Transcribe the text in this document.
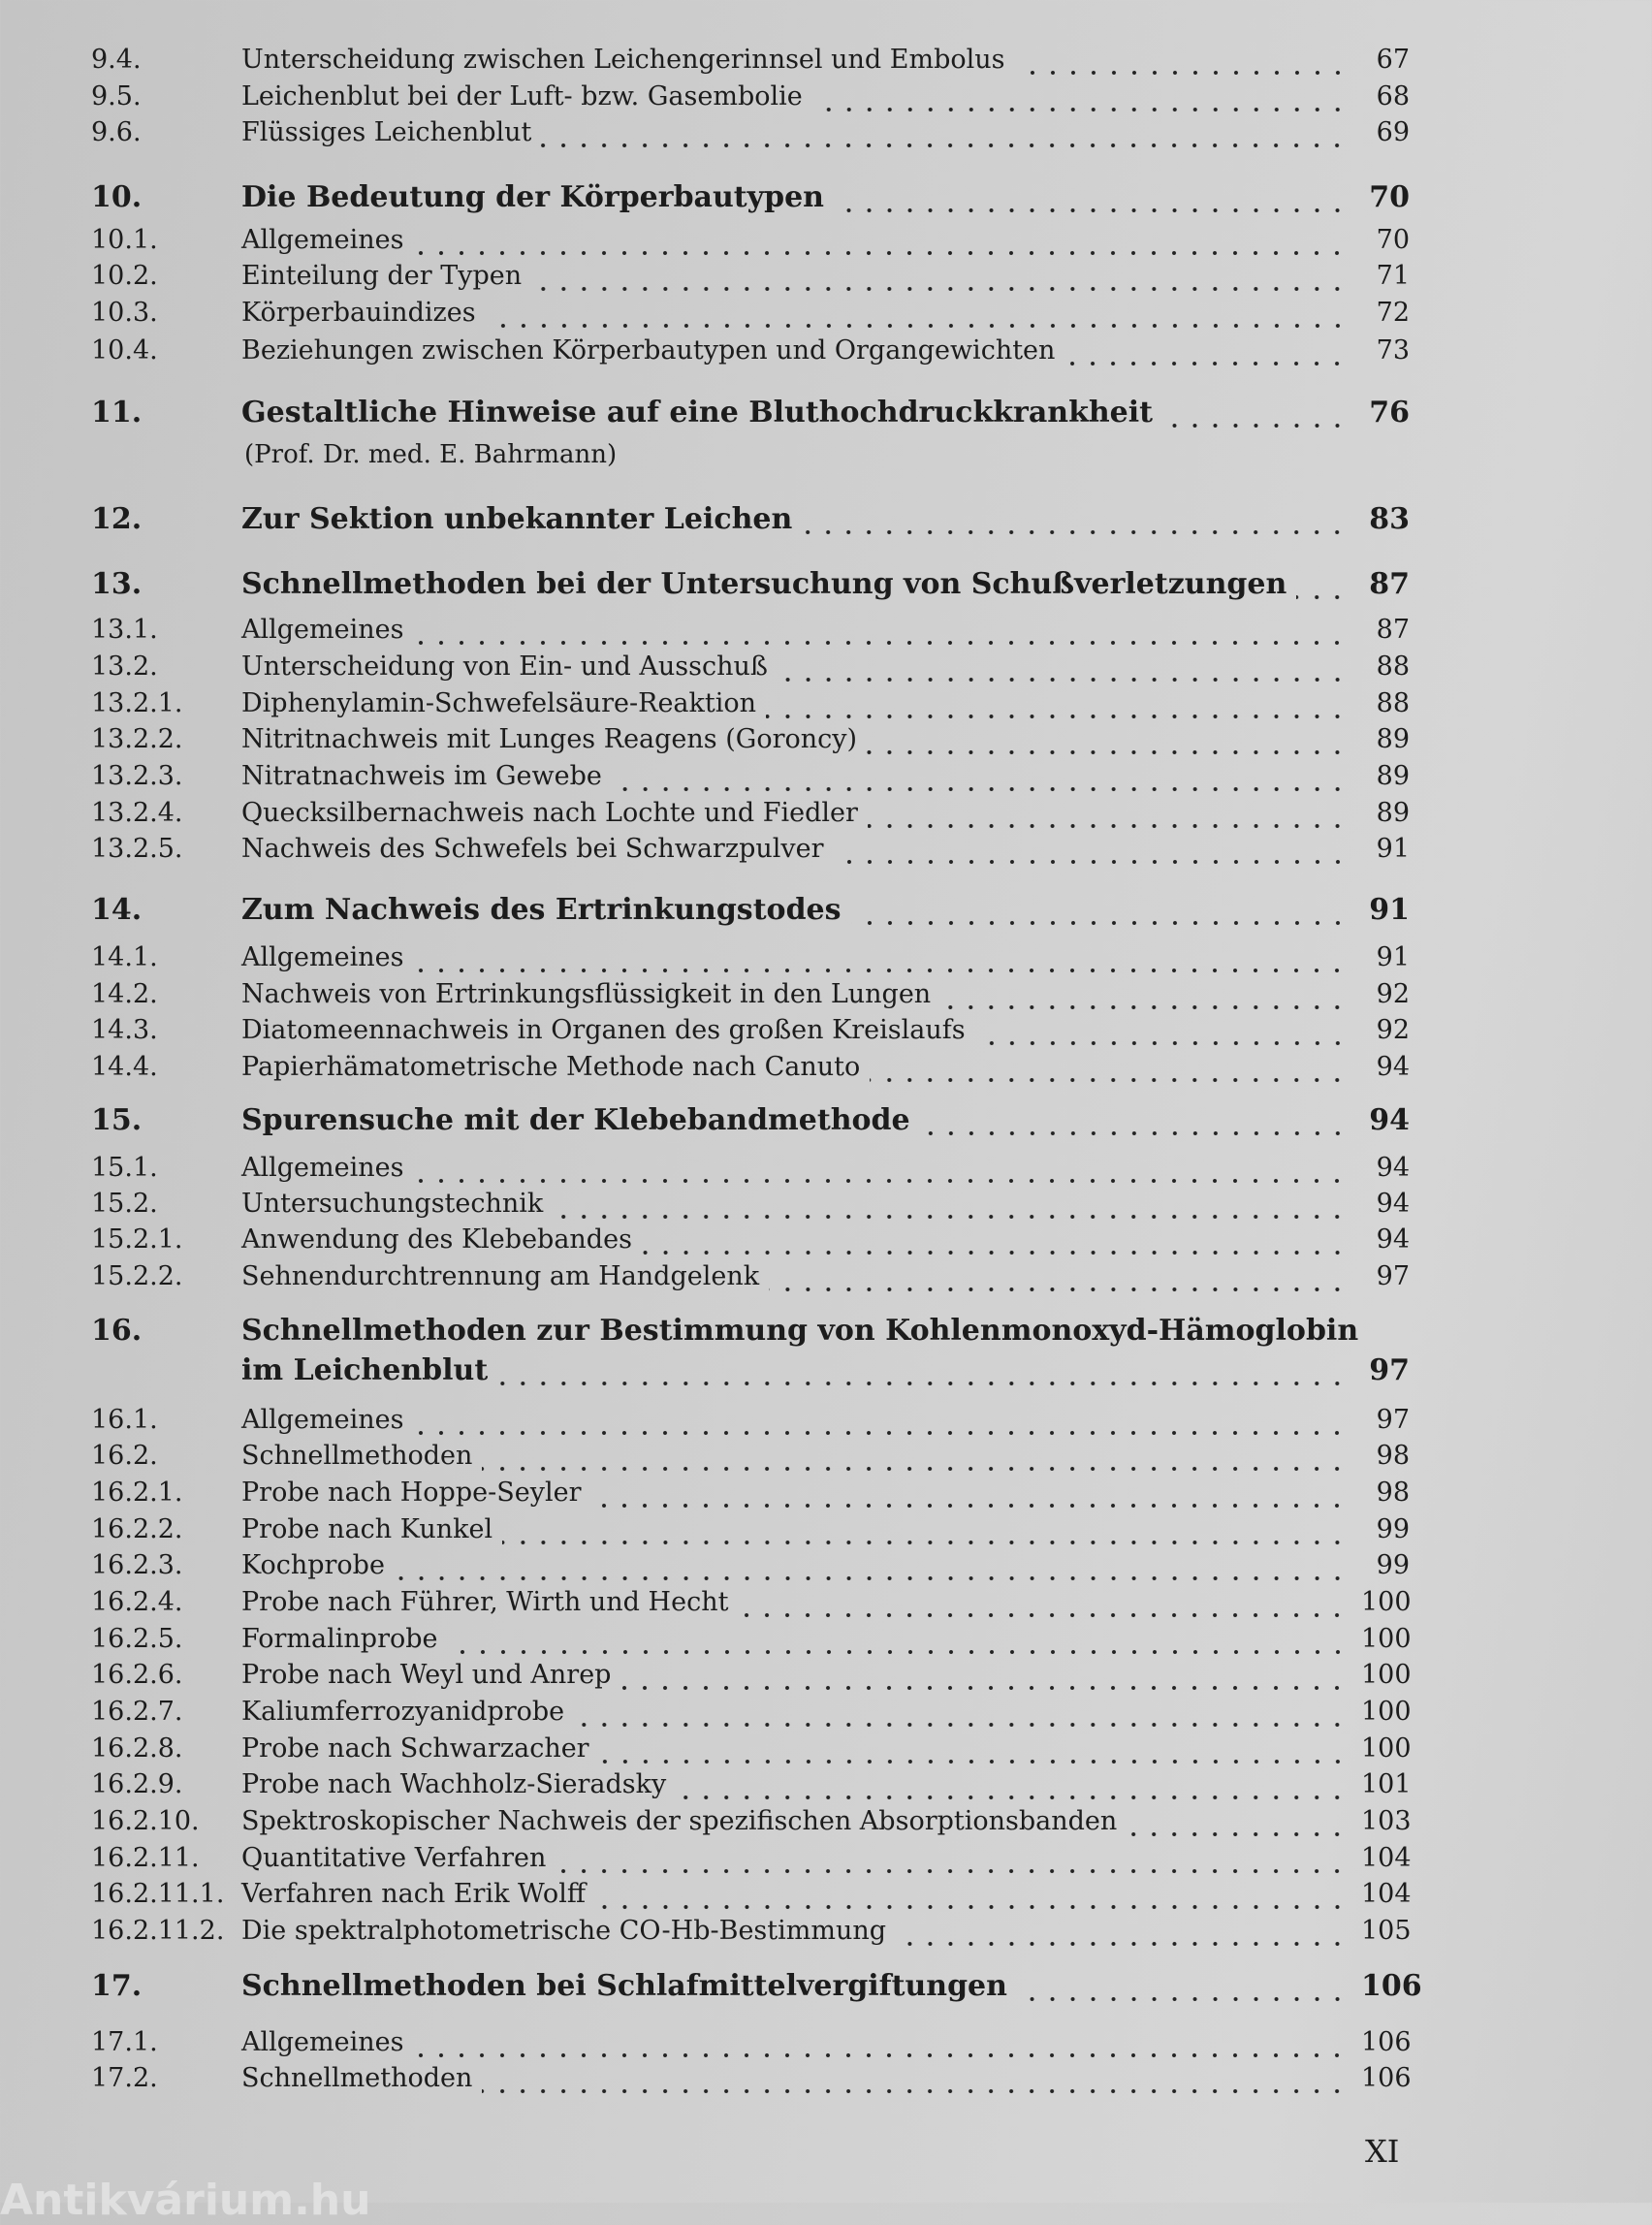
9.4.	Unterscheidung zwischen Leichengerinnsel und Embolus	67
9.5.	Leichenblut bei der Luft- bzw. Gasembolie	68
9.6.	Flüssiges Leichenblut	69
10.	Die Bedeutung der Körperbautypen	70
10.1.	Allgemeines	70
10.2.	Einteilung der Typen	71
10.3.	Körperbauindizes	72
10.4.	Beziehungen zwischen Körperbautypen und Organgewichten	73
11.	Gestaltliche Hinweise auf eine Bluthochdruckkrankheit	76
(Prof. Dr. med. E. Bahrmann)
12.	Zur Sektion unbekannter Leichen	83
13.	Schnellmethoden bei der Untersuchung von Schußverletzungen	87
13.1.	Allgemeines	87
13.2.	Unterscheidung von Ein- und Ausschuß	88
13.2.1.	Diphenylamin-Schwefelsäure-Reaktion	88
13.2.2.	Nitritnachweis mit Lunges Reagens (Goroncy)	89
13.2.3.	Nitratnachweis im Gewebe	89
13.2.4.	Quecksilbernachweis nach Lochte und Fiedler	89
13.2.5.	Nachweis des Schwefels bei Schwarzpulver	91
14.	Zum Nachweis des Ertrinkungstodes	91
14.1.	Allgemeines	91
14.2.	Nachweis von Ertrinkungsflüssigkeit in den Lungen	92
14.3.	Diatomeennachweis in Organen des großen Kreislaufs	92
14.4.	Papierhämatometrische Methode nach Canuto	94
15.	Spurensuche mit der Klebebandmethode	94
15.1.	Allgemeines	94
15.2.	Untersuchungstechnik	94
15.2.1.	Anwendung des Klebebandes	94
15.2.2.	Sehnendurchtrennung am Handgelenk	97
16.	Schnellmethoden zur Bestimmung von Kohlenmonoxyd-Hämoglobin
im Leichenblut	97
16.1.	Allgemeines	97
16.2.	Schnellmethoden	98
16.2.1.	Probe nach Hoppe-Seyler	98
16.2.2.	Probe nach Kunkel	99
16.2.3.	Kochprobe	99
16.2.4.	Probe nach Führer, Wirth und Hecht	100
16.2.5.	Formalinprobe	100
16.2.6.	Probe nach Weyl und Anrep	100
16.2.7.	Kaliumferrozyanidprobe	100
16.2.8.	Probe nach Schwarzacher	100
16.2.9.	Probe nach Wachholz-Sieradsky	101
16.2.10.	Spektroskopischer Nachweis der spezifischen Absorptionsbanden	103
16.2.11.	Quantitative Verfahren	104
16.2.11.1. Verfahren nach Erik Wolff	104
16.2.11.2. Die spektralphotometrische CO-Hb-Bestimmung	105
17.	Schnellmethoden bei Schlafmittelvergiftungen	106
17.1.	Allgemeines	106
17.2.	Schnellmethoden	106
XI
Antikvárium.hu
